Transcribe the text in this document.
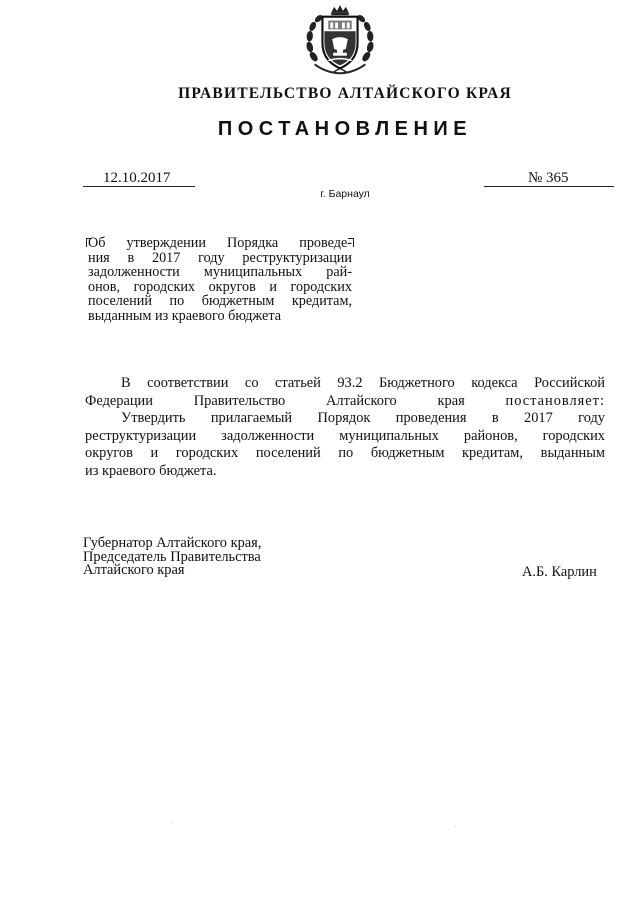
ПРАВИТЕЛЬСТВО АЛТАЙСКОГО КРАЯ
ПОСТАНОВЛЕНИЕ
12.10.2017	№ 365
г. Барнаул
Об утверждении Порядка проведе-
ния в 2017 году реструктуризации
задолженности муниципальных рай-
онов, городских округов и городских
поселений по бюджетным кредитам,
выданным из краевого бюджета
В соответствии со статьей 93.2 Бюджетного кодекса Российской
Федерации Правительство Алтайского края	постановляет:
Утвердить прилагаемый Порядок проведения в 2017 году
реструктуризации задолженности муниципальных районов, городских
округов и городских поселений по бюджетным кредитам, выданным
из краевого бюджета.
Губернатор Алтайского края,
Председатель Правительства
Алтайского края	А.Б. Карлин
